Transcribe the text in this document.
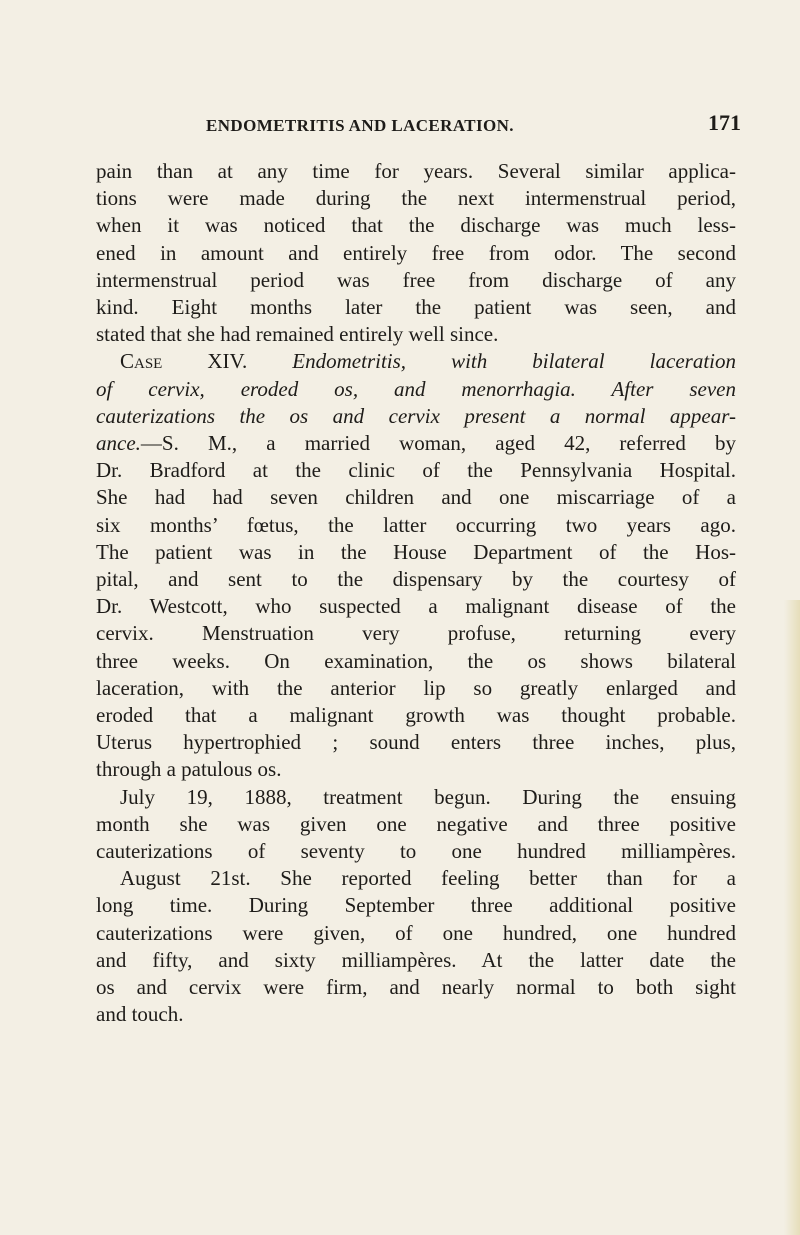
ENDOMETRITIS AND LACERATION.	171
pain than at any time for years. Several similar applica-
tions were made during the next intermenstrual period,
when it was noticed that the discharge was much less-
ened in amount and entirely free from odor. The second
intermenstrual period was free from discharge of any
kind. Eight months later the patient was seen, and
stated that she had remained entirely well since.
Case XIV. Endometritis, with bilateral laceration
of cervix, eroded os, and menorrhagia. After seven
cauterizations the os and cervix present a normal appear-
ance.—S. M., a married woman, aged 42, referred by
Dr. Bradford at the clinic of the Pennsylvania Hospital.
She had had seven children and one miscarriage of a
six months’ fœtus, the latter occurring two years ago.
The patient was in the House Department of the Hos-
pital, and sent to the dispensary by the courtesy of
Dr. Westcott, who suspected a malignant disease of the
cervix. Menstruation very profuse, returning every
three weeks. On examination, the os shows bilateral
laceration, with the anterior lip so greatly enlarged and
eroded that a malignant growth was thought probable.
Uterus hypertrophied ; sound enters three inches, plus,
through a patulous os.
July 19, 1888, treatment begun. During the ensuing
month she was given one negative and three positive
cauterizations of seventy to one hundred milliampères.
August 21st. She reported feeling better than for a
long time. During September three additional positive
cauterizations were given, of one hundred, one hundred
and fifty, and sixty milliampères. At the latter date the
os and cervix were firm, and nearly normal to both sight
and touch.
